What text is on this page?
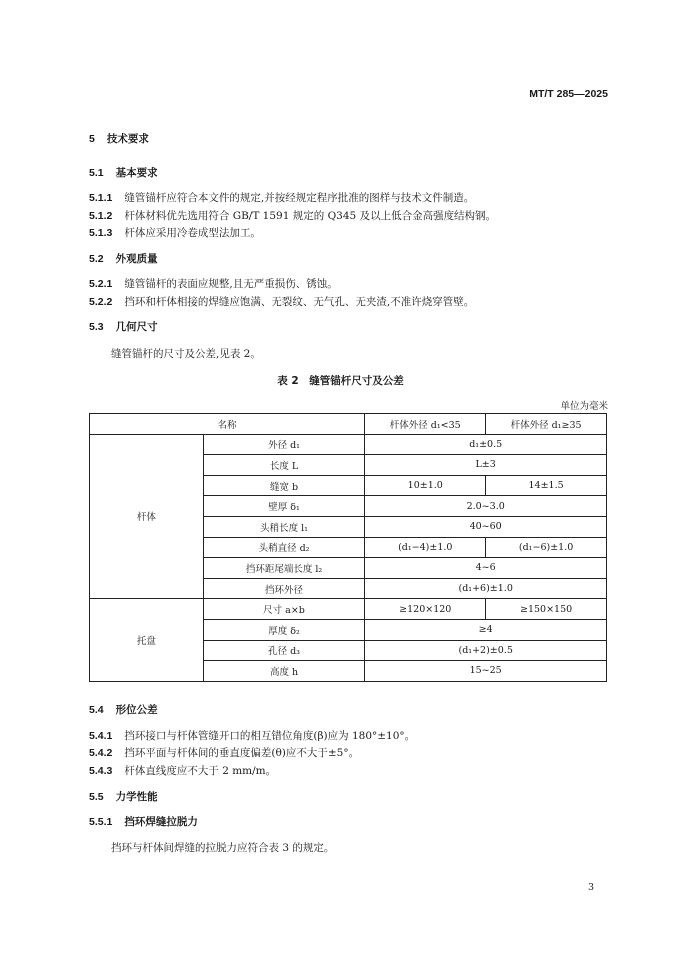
MT/T 285—2025
5 技术要求
5.1 基本要求
5.1.1 缝管锚杆应符合本文件的规定,并按经规定程序批准的图样与技术文件制造。
5.1.2 杆体材料优先选用符合 GB/T 1591 规定的 Q345 及以上低合金高强度结构钢。
5.1.3 杆体应采用冷卷成型法加工。
5.2 外观质量
5.2.1 缝管锚杆的表面应规整,且无严重损伤、锈蚀。
5.2.2 挡环和杆体相接的焊缝应饱满、无裂纹、无气孔、无夹渣,不准许烧穿管壁。
5.3 几何尺寸
缝管锚杆的尺寸及公差,见表 2。
表 2　缝管锚杆尺寸及公差
单位为毫米
名称		杆体外径 d₁<35	杆体外径 d₁≥35
杆体	外径 d₁	d₁±0.5	
	长度 L	L±3	
	缝宽 b	10±1.0	14±1.5
	壁厚 δ₁	2.0~3.0	
	头稍长度 l₁	40~60	
	头稍直径 d₂	(d₁−4)±1.0	(d₁−6)±1.0
	挡环距尾端长度 l₂	4~6	
	挡环外径	(d₁+6)±1.0	
托盘	尺寸 a×b	≥120×120	≥150×150
	厚度 δ₂	≥4	
	孔径 d₃	(d₁+2)±0.5	
	高度 h	15~25	
5.4 形位公差
5.4.1 挡环接口与杆体管缝开口的相互错位角度(β)应为 180°±10°。
5.4.2 挡环平面与杆体间的垂直度偏差(θ)应不大于±5°。
5.4.3 杆体直线度应不大于 2 mm/m。
5.5 力学性能
5.5.1 挡环焊缝拉脱力
挡环与杆体间焊缝的拉脱力应符合表 3 的规定。
3
